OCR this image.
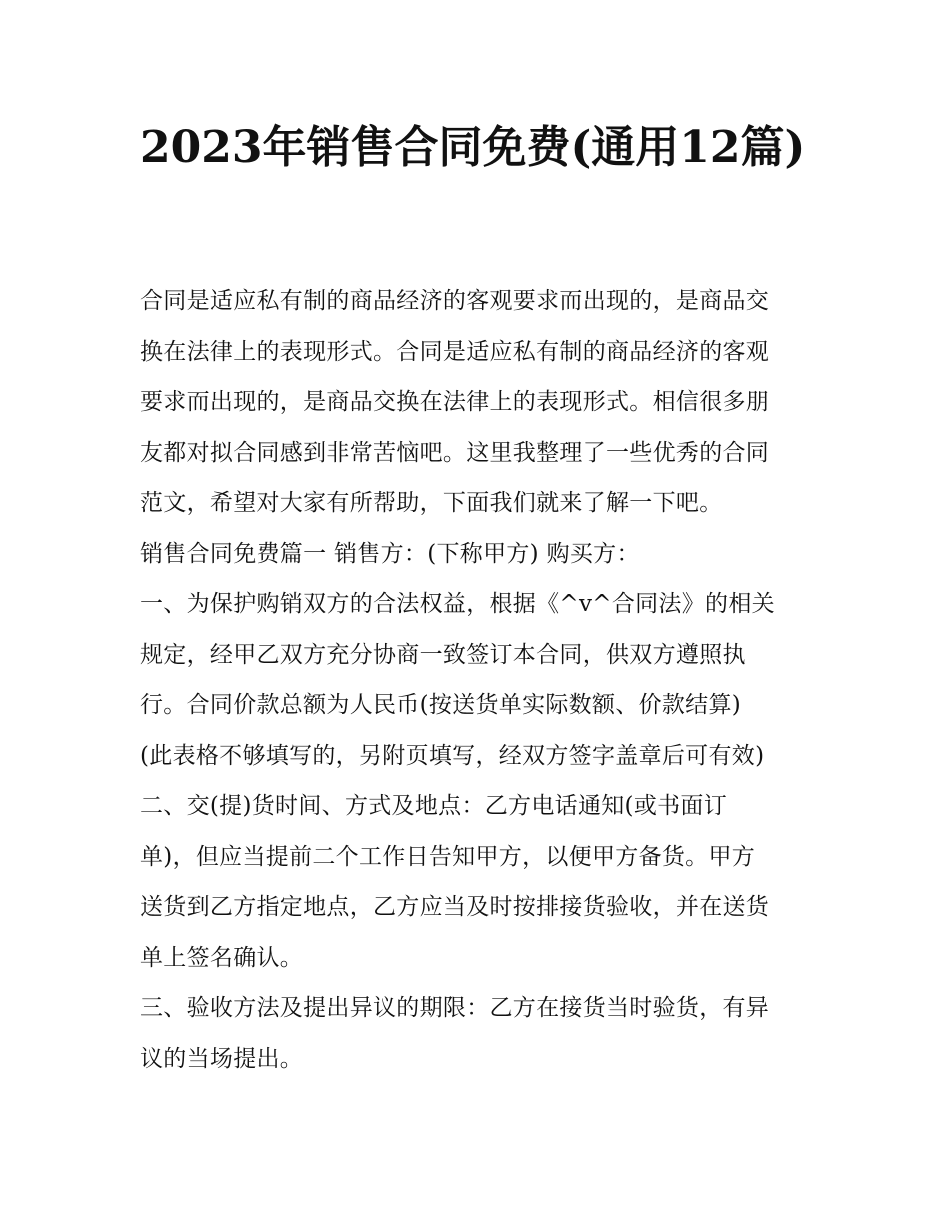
2023年销售合同免费(通用12篇)
合同是适应私有制的商品经济的客观要求而出现的，是商品交
换在法律上的表现形式。合同是适应私有制的商品经济的客观
要求而出现的，是商品交换在法律上的表现形式。相信很多朋
友都对拟合同感到非常苦恼吧。这里我整理了一些优秀的合同
范文，希望对大家有所帮助，下面我们就来了解一下吧。
销售合同免费篇一 销售方：(下称甲方) 购买方：
一、为保护购销双方的合法权益，根据《^v^合同法》的相关
规定，经甲乙双方充分协商一致签订本合同，供双方遵照执
行。合同价款总额为人民币(按送货单实际数额、价款结算)
(此表格不够填写的，另附页填写，经双方签字盖章后可有效)
二、交(提)货时间、方式及地点：乙方电话通知(或书面订
单)，但应当提前二个工作日告知甲方，以便甲方备货。甲方
送货到乙方指定地点，乙方应当及时按排接货验收，并在送货
单上签名确认。
三、验收方法及提出异议的期限：乙方在接货当时验货，有异
议的当场提出。
